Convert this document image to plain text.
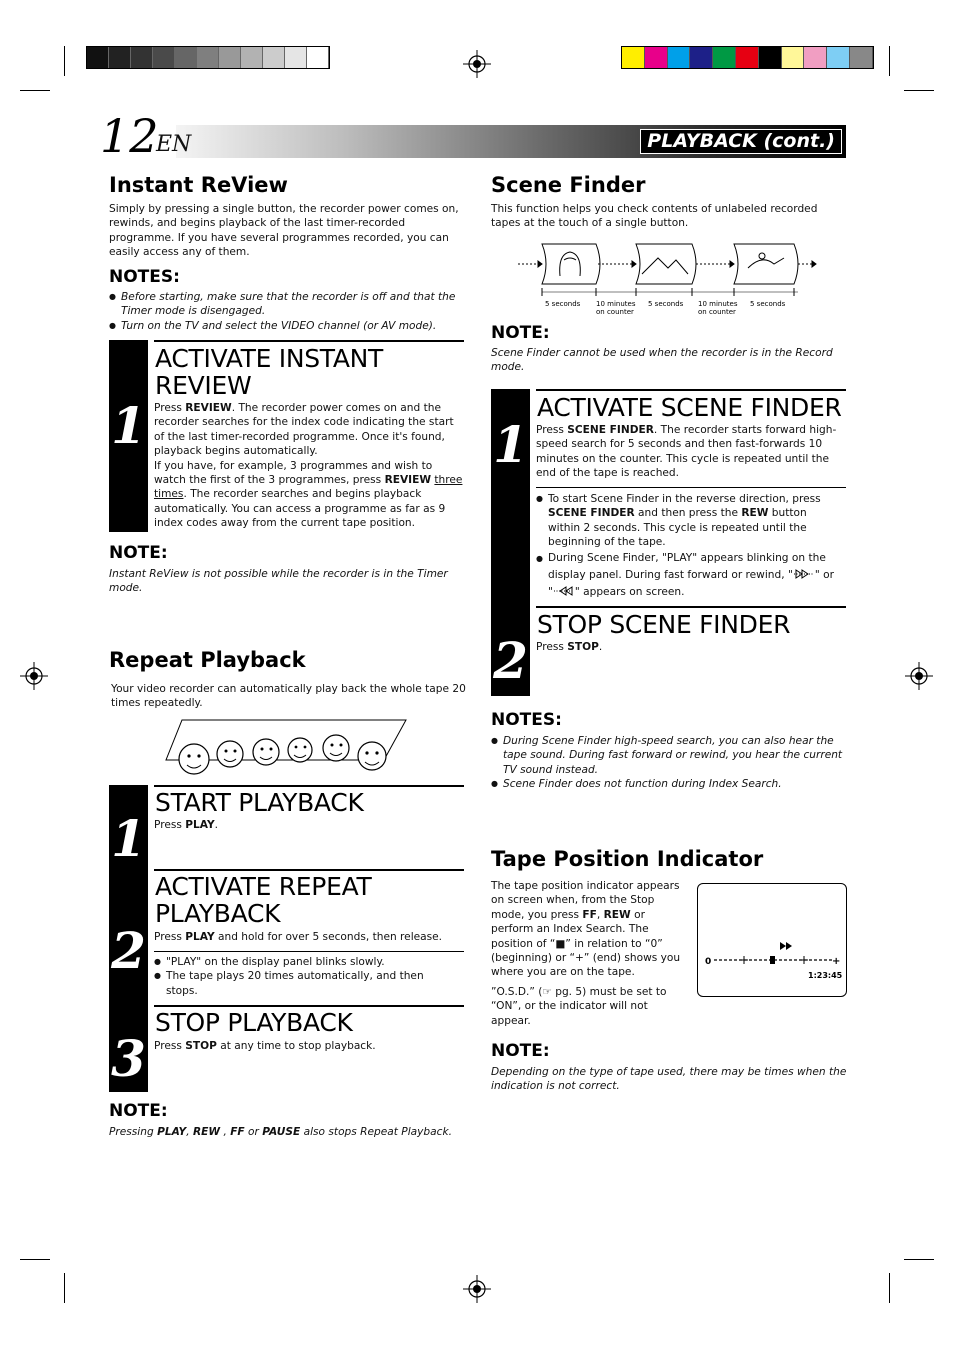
PLAYBACK (cont.)
12
EN
Instant ReView

Simply by pressing a single button, the recorder power comes on, rewinds, and begins playback of the last timer-recorded programme. If you have several programmes recorded, you can easily access any of them.

NOTES:
● Before starting, make sure that the recorder is off and that the Timer mode is disengaged.
● Turn on the TV and select the VIDEO channel (or AV mode).
1
ACTIVATE INSTANT REVIEW

Press REVIEW. The recorder power comes on and the recorder searches for the index code indicating the start of the last timer-recorded programme. Once it's found, playback begins automatically.
If you have, for example, 3 programmes and wish to watch the first of the 3 programmes, press REVIEW three times. The recorder searches and begins playback automatically. You can access a programme as far as 9 index codes away from the current tape position.

NOTE:

Instant ReView is not possible while the recorder is in the Timer mode.

Repeat Playback

Your video recorder can automatically play back the whole tape 20 times repeatedly.

1
2
3
START PLAYBACK

Press PLAY.

ACTIVATE REPEAT PLAYBACK

Press PLAY and hold for over 5 seconds, then release.

● "PLAY" on the display panel blinks slowly.
● The tape plays 20 times automatically, and then stops.
STOP PLAYBACK

Press STOP at any time to stop playback.

NOTE:

Pressing PLAY, REW , FF or PAUSE also stops Repeat Playback.

Scene Finder

This function helps you check contents of unlabeled recorded tapes at the touch of a single button.

5 seconds 10 minutes
on counter
5 seconds 10 minutes
on counter
5 seconds
NOTE:

Scene Finder cannot be used when the recorder is in the Record mode.

1
2
ACTIVATE SCENE FINDER

Press SCENE FINDER. The recorder starts forward high-speed search for 5 seconds and then fast-forwards 10 minutes on the counter. This cycle is repeated until the end of the tape is reached.

● To start Scene Finder in the reverse direction, press SCENE FINDER and then press the REW button within 2 seconds. This cycle is repeated until the beginning of the tape.
● During Scene Finder, "PLAY" appears blinking on the display panel. During fast forward or rewind, " " or " " appears on screen.
STOP SCENE FINDER

Press STOP.

NOTES:
● During Scene Finder high-speed search, you can also hear the tape sound. During fast forward or rewind, you hear the current TV sound instead.
● Scene Finder does not function during Index Search.
Tape Position Indicator

The tape position indicator appears on screen when, from the Stop mode, you press FF, REW or perform an Index Search. The position of “■” in relation to “0” (beginning) or “+” (end) shows you where you are on the tape.

”O.S.D.” (☞ pg. 5) must be set to “ON”, or the indicator will not appear.

0	+
1:23:45
NOTE:

Depending on the type of tape used, there may be times when the indication is not correct.
